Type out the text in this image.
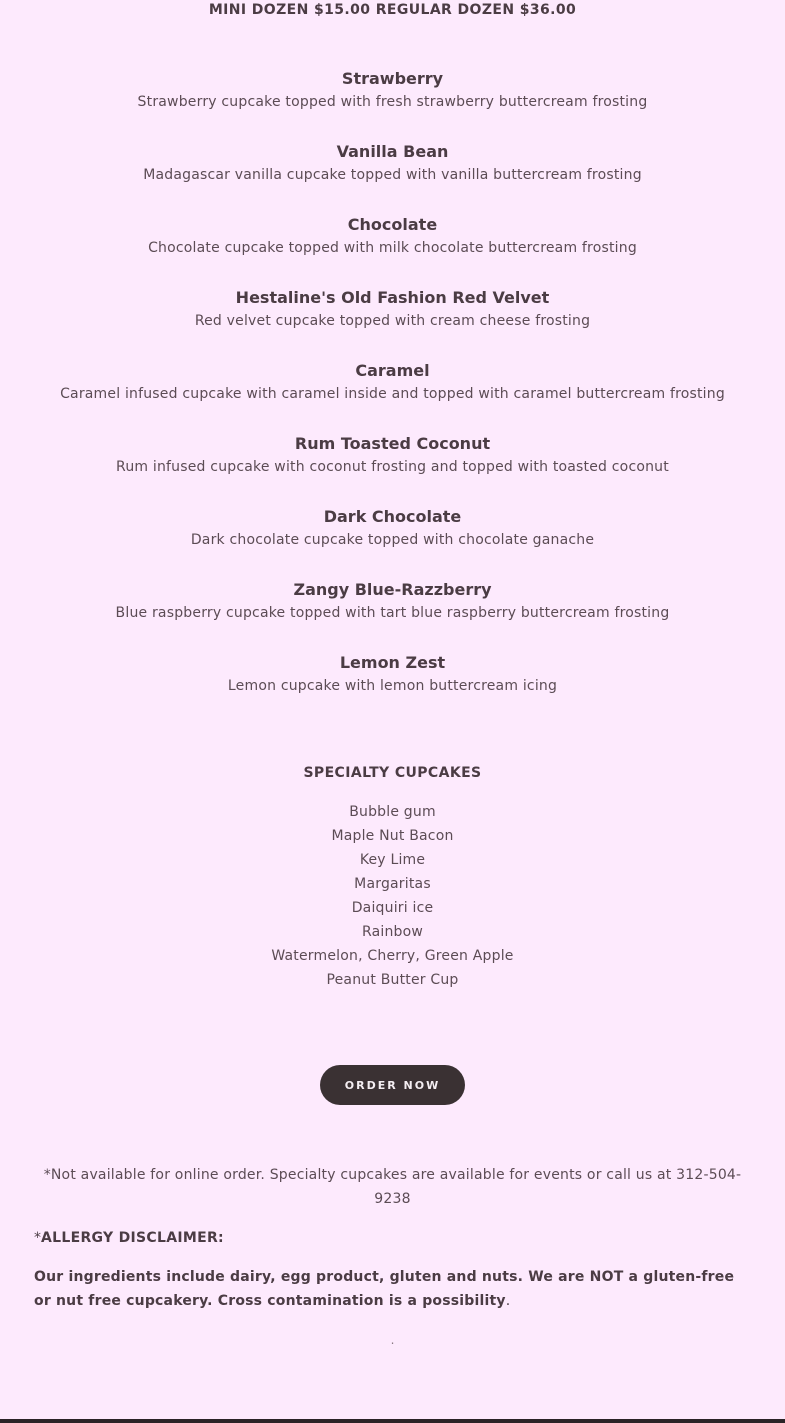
MINI DOZEN $15.00 REGULAR DOZEN $36.00
Strawberry
Strawberry cupcake topped with fresh strawberry buttercream frosting
Vanilla Bean
Madagascar vanilla cupcake topped with vanilla buttercream frosting
Chocolate
Chocolate cupcake topped with milk chocolate buttercream frosting
Hestaline's Old Fashion Red Velvet
Red velvet cupcake topped with cream cheese frosting
Caramel
Caramel infused cupcake with caramel inside and topped with caramel buttercream frosting
Rum Toasted Coconut
Rum infused cupcake with coconut frosting and topped with toasted coconut
Dark Chocolate
Dark chocolate cupcake topped with chocolate ganache
Zangy Blue-Razzberry
Blue raspberry cupcake topped with tart blue raspberry buttercream frosting
Lemon Zest
Lemon cupcake with lemon buttercream icing
SPECIALTY CUPCAKES
Bubble gum
Maple Nut Bacon
Key Lime
Margaritas
Daiquiri ice
Rainbow
Watermelon, Cherry, Green Apple
Peanut Butter Cup
ORDER NOW
*Not available for online order. Specialty cupcakes are available for events or call us at 312-504-9238
*ALLERGY DISCLAIMER:
Our ingredients include dairy, egg product, gluten and nuts. We are NOT a gluten-free or nut free cupcakery. Cross contamination is a possibility.
.
